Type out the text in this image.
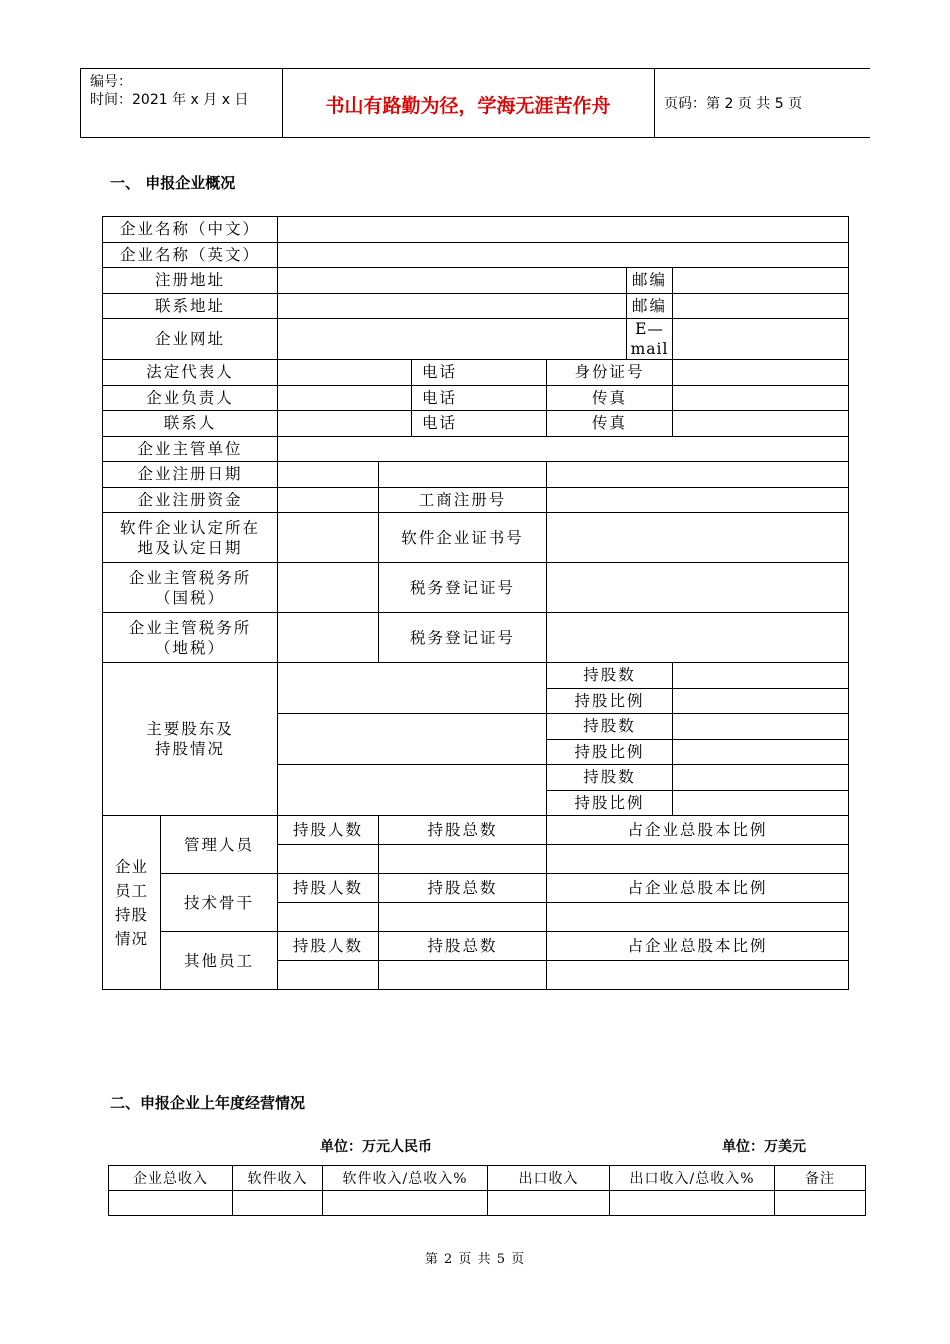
编号：
时间：2021 年 x 月 x 日	书山有路勤为径，学海无涯苦作舟	页码：第 2 页 共 5 页
一、 申报企业概况
企业名称（中文）							
企业名称（英文）							
注册地址						邮编	
联系地址						邮编	
企业网址						E—mail	
法定代表人				电话	身份证号		
企业负责人				电话	传真		
联系人				电话	传真		
企业主管单位							
企业注册日期							
企业注册资金			工商注册号				

软件企业认定所在
地及认定日期			软件企业证书号				

企业主管税务所
（国税）			税务登记证号				

企业主管税务所
（地税）			税务登记证号				

主要股东及
持股情况					持股数		
					持股比例		
					持股数		
					持股比例		
					持股数		
					持股比例		

企业
员工
持股
情况	管理人员	持股人数	持股总数		占企业总股本比例		

	技术骨干	持股人数	持股总数		占企业总股本比例		

	其他员工	持股人数	持股总数		占企业总股本比例		

二、申报企业上年度经营情况
单位：万元人民币	单位：万美元
企业总收入	软件收入	软件收入/总收入%	出口收入	出口收入/总收入%	备注

第 2 页 共 5 页
